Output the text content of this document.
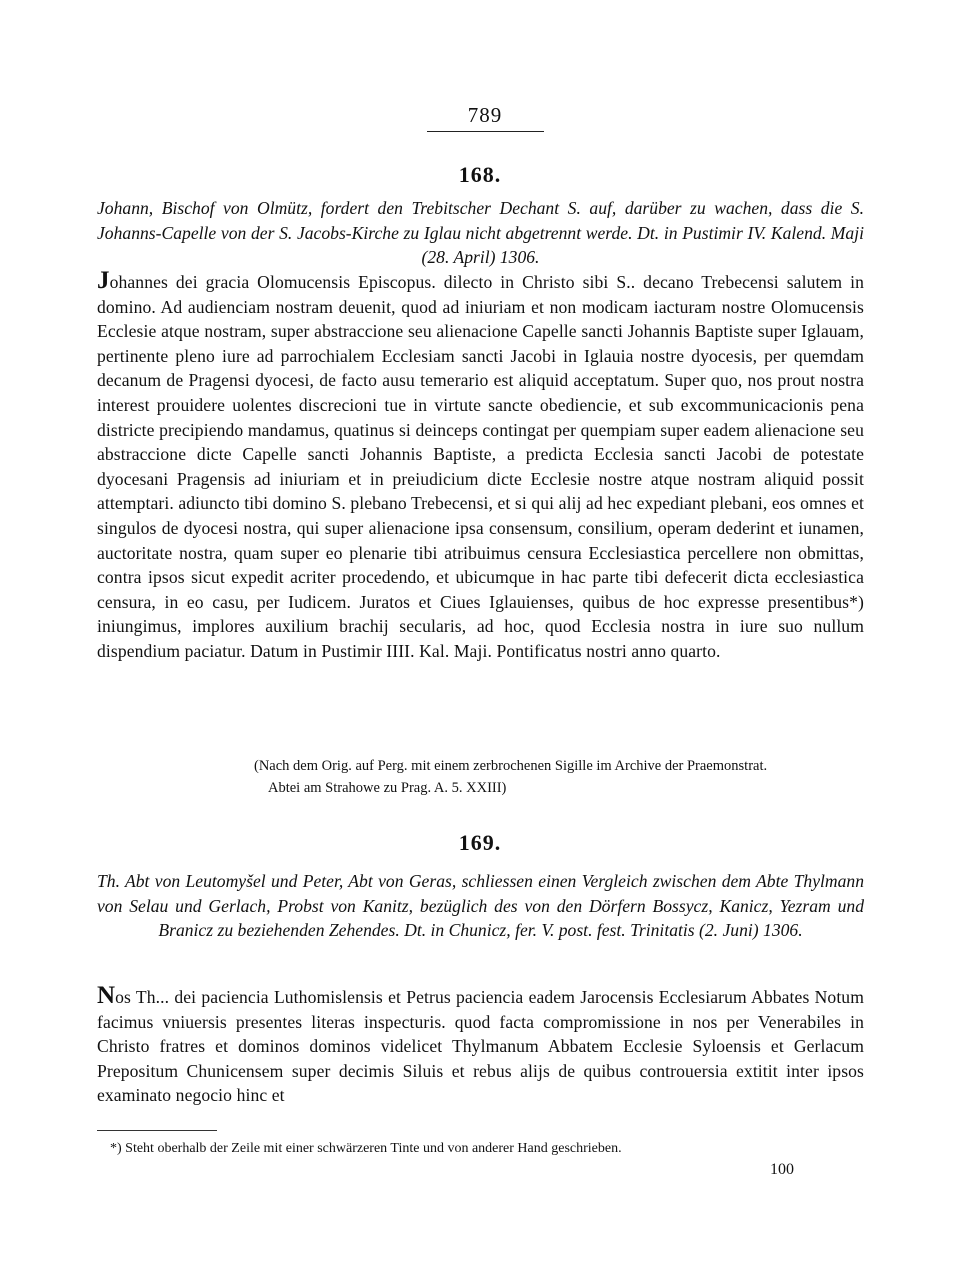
789
168.

Johann, Bischof von Olmütz, fordert den Trebitscher Dechant S. auf, darüber zu wachen, dass die S. Johanns-Capelle von der S. Jacobs-Kirche zu Iglau nicht abgetrennt werde. Dt. in Pustimir IV. Kalend. Maji (28. April) 1306.

Johannes dei gracia Olomucensis Episcopus. dilecto in Christo sibi S.. decano Trebecensi salutem in domino. Ad audienciam nostram deuenit, quod ad iniuriam et non modicam iacturam nostre Olomucensis Ecclesie atque nostram, super abstraccione seu alienacione Capelle sancti Johannis Baptiste super Iglauam, pertinente pleno iure ad parrochialem Ecclesiam sancti Jacobi in Iglauia nostre dyocesis, per quemdam decanum de Pragensi dyocesi, de facto ausu temerario est aliquid acceptatum. Super quo, nos prout nostra interest prouidere uolentes discrecioni tue in virtute sancte obediencie, et sub excommunicacionis pena districte precipiendo mandamus, quatinus si deinceps contingat per quempiam super eadem alienacione seu abstraccione dicte Capelle sancti Johannis Baptiste, a predicta Ecclesia sancti Jacobi de potestate dyocesani Pragensis ad iniuriam et in preiudicium dicte Ecclesie nostre atque nostram aliquid possit attemptari. adiuncto tibi domino S. plebano Trebecensi, et si qui alij ad hec expediant plebani, eos omnes et singulos de dyocesi nostra, qui super alienacione ipsa consensum, consilium, operam dederint et iunamen, auctoritate nostra, quam super eo plenarie tibi atribuimus censura Ecclesiastica percellere non obmittas, contra ipsos sicut expedit acriter procedendo, et ubicumque in hac parte tibi defecerit dicta ecclesiastica censura, in eo casu, per Iudicem. Juratos et Ciues Iglauienses, quibus de hoc expresse presentibus*) iniungimus, implores auxilium brachij secularis, ad hoc, quod Ecclesia nostra in iure suo nullum dispendium paciatur. Datum in Pustimir IIII. Kal. Maji. Pontificatus nostri anno quarto.

(Nach dem Orig. auf Perg. mit einem zerbrochenen Sigille im Archive der Praemonstrat.
Abtei am Strahowe zu Prag. A. 5. XXIII)

169.

Th. Abt von Leutomyšel und Peter, Abt von Geras, schliessen einen Vergleich zwischen dem Abte Thylmann von Selau und Gerlach, Probst von Kanitz, bezüglich des von den Dörfern Bossycz, Kanicz, Yezram und Branicz zu beziehenden Zehendes. Dt. in Chunicz, fer. V. post. fest. Trinitatis (2. Juni) 1306.

Nos Th... dei paciencia Luthomislensis et Petrus paciencia eadem Jarocensis Ecclesiarum Abbates Notum facimus vniuersis presentes literas inspecturis. quod facta compromissione in nos per Venerabiles in Christo fratres et dominos dominos videlicet Thylmanum Abbatem Ecclesie Syloensis et Gerlacum Prepositum Chunicensem super decimis Siluis et rebus alijs de quibus controuersia extitit inter ipsos examinato negocio hinc et

*) Steht oberhalb der Zeile mit einer schwärzeren Tinte und von anderer Hand geschrieben.

100
